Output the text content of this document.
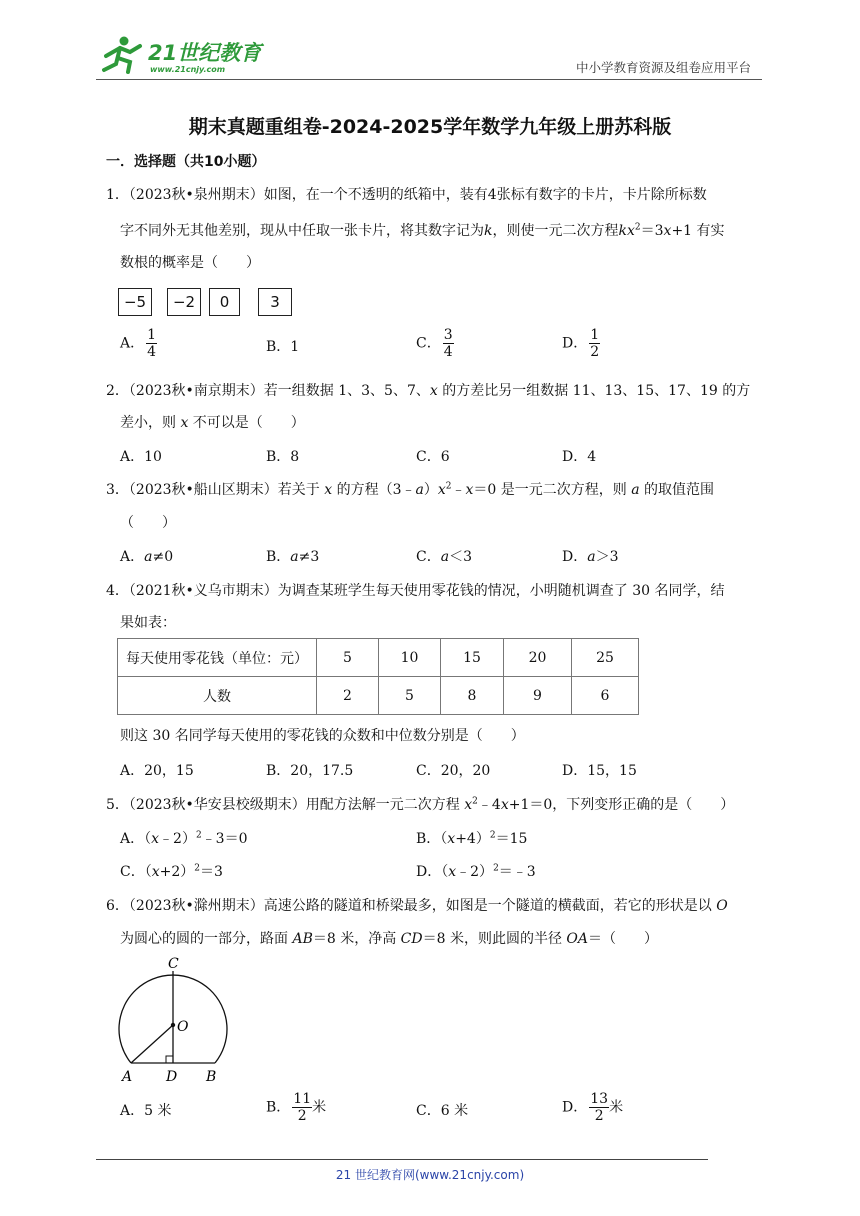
21世纪教育
www.21cnjy.com	中小学教育资源及组卷应用平台
期末真题重组卷-2024-2025学年数学九年级上册苏科版
一．选择题（共10小题）
1．（2023秋•泉州期末）如图，在一个不透明的纸箱中，装有4张标有数字的卡片，卡片除所标数
字不同外无其他差别，现从中任取一张卡片，将其数字记为k，则使一元二次方程$kx^2=3x+1$ 有实
数根的概率是（　　）
−5	−2	0	3
A． $\frac{1}{4}$	B．1	C． $\frac{3}{4}$	D． $\frac{1}{2}$
2．（2023秋•南京期末）若一组数据 1、3、5、7、x 的方差比另一组数据 11、13、15、17、19 的方
差小，则 x 不可以是（　　）
A．10	B．8	C．6	D．4
3．（2023秋•船山区期末）若关于 x 的方程$(3﹣a)x^2﹣x=0$ 是一元二次方程，则 a 的取值范围
（　　）
A．a≠0	B．a≠3	C．a＜3	D．a＞3
4．（2021秋•义乌市期末）为调查某班学生每天使用零花钱的情况，小明随机调查了 30 名同学，结
果如表：
每天使用零花钱（单位：元）	5	10	15	20	25
人数	2	5	8	9	6
则这 30 名同学每天使用的零花钱的众数和中位数分别是（　　）
A．20，15	B．20，17.5	C．20，20	D．15，15
5．（2023秋•华安县校级期末）用配方法解一元二次方程 $x^2﹣4x+1=0$，下列变形正确的是（　　）
A．（x﹣2）$^2$﹣3＝0	B．$(x+4)^2=15$
C．$(x+2)^2=3$	D．（x﹣2）$^2$＝﹣3
6．（2023秋•滁州期末）高速公路的隧道和桥梁最多，如图是一个隧道的横截面，若它的形状是以 O
为圆心的圆的一部分，路面 AB＝8 米，净高 CD＝8 米，则此圆的半径 OA＝（　　）
C
O
A D B
A．5 米	B． $\frac{11}{2}$ 米	C．6 米	D． $\frac{13}{2}$ 米
21 世纪教育网(www.21cnjy.com)
